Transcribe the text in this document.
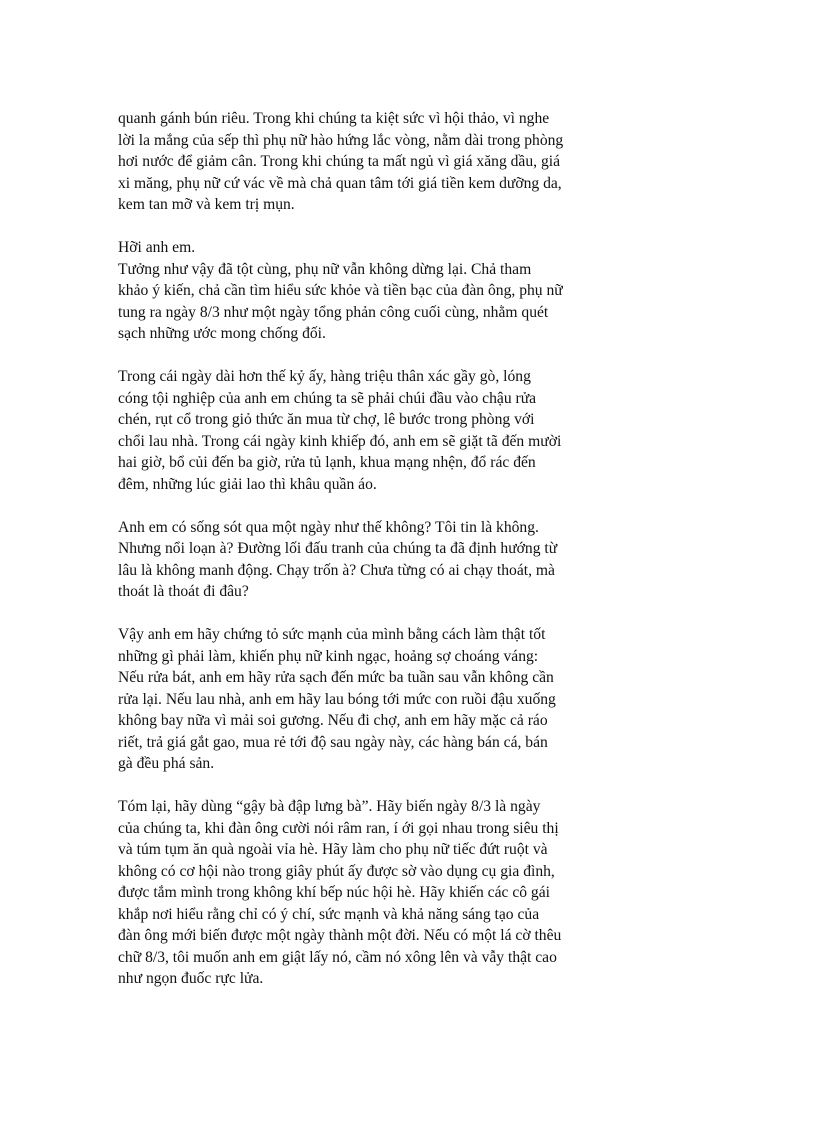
quanh gánh bún riêu. Trong khi chúng ta kiệt sức vì hội thảo, vì nghe
lời la mắng của sếp thì phụ nữ hào hứng lắc vòng, nằm dài trong phòng
hơi nước để giảm cân. Trong khi chúng ta mất ngủ vì giá xăng dầu, giá
xi măng, phụ nữ cứ vác về mà chả quan tâm tới giá tiền kem dưỡng da,
kem tan mỡ và kem trị mụn.
Hỡi anh em.
Tưởng như vậy đã tột cùng, phụ nữ vẫn không dừng lại. Chả tham
khảo ý kiến, chả cần tìm hiểu sức khỏe và tiền bạc của đàn ông, phụ nữ
tung ra ngày 8/3 như một ngày tổng phản công cuối cùng, nhằm quét
sạch những ước mong chống đối.
Trong cái ngày dài hơn thế kỷ ấy, hàng triệu thân xác gầy gò, lóng
cóng tội nghiệp của anh em chúng ta sẽ phải chúi đầu vào chậu rửa
chén, rụt cổ trong giỏ thức ăn mua từ chợ, lê bước trong phòng với
chổi lau nhà. Trong cái ngày kinh khiếp đó, anh em sẽ giặt tã đến mười
hai giờ, bổ củi đến ba giờ, rửa tủ lạnh, khua mạng nhện, đổ rác đến
đêm, những lúc giải lao thì khâu quần áo.
Anh em có sống sót qua một ngày như thế không? Tôi tin là không.
Nhưng nổi loạn à? Đường lối đấu tranh của chúng ta đã định hướng từ
lâu là không manh động. Chạy trốn à? Chưa từng có ai chạy thoát, mà
thoát là thoát đi đâu?
Vậy anh em hãy chứng tỏ sức mạnh của mình bằng cách làm thật tốt
những gì phải làm, khiến phụ nữ kinh ngạc, hoảng sợ choáng váng:
Nếu rửa bát, anh em hãy rửa sạch đến mức ba tuần sau vẫn không cần
rửa lại. Nếu lau nhà, anh em hãy lau bóng tới mức con ruồi đậu xuống
không bay nữa vì mải soi gương. Nếu đi chợ, anh em hãy mặc cả ráo
riết, trả giá gắt gao, mua rẻ tới độ sau ngày này, các hàng bán cá, bán
gà đều phá sản.
Tóm lại, hãy dùng “gậy bà đập lưng bà”. Hãy biến ngày 8/3 là ngày
của chúng ta, khi đàn ông cười nói râm ran, í ới gọi nhau trong siêu thị
và túm tụm ăn quà ngoài vỉa hè. Hãy làm cho phụ nữ tiếc đứt ruột và
không có cơ hội nào trong giây phút ấy được sờ vào dụng cụ gia đình,
được tắm mình trong không khí bếp núc hội hè. Hãy khiến các cô gái
khắp nơi hiểu rằng chỉ có ý chí, sức mạnh và khả năng sáng tạo của
đàn ông mới biến được một ngày thành một đời. Nếu có một lá cờ thêu
chữ 8/3, tôi muốn anh em giật lấy nó, cầm nó xông lên và vẫy thật cao
như ngọn đuốc rực lửa.
